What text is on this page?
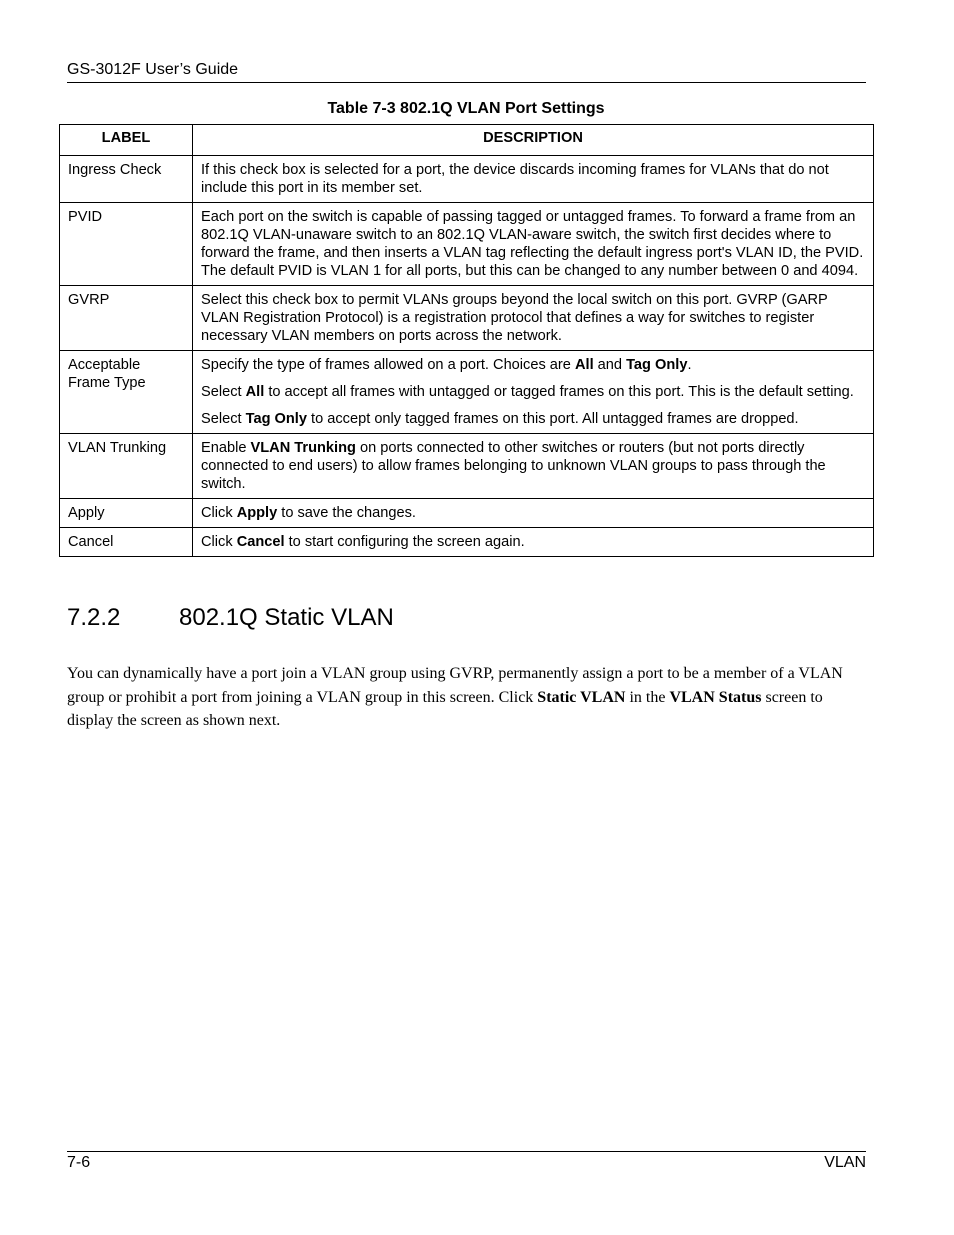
GS-3012F User’s Guide
Table 7-3 802.1Q VLAN Port Settings
LABEL	DESCRIPTION
Ingress Check	If this check box is selected for a port, the device discards incoming frames for VLANs that do not include this port in its member set.

PVID	Each port on the switch is capable of passing tagged or untagged frames. To forward a frame from an 802.1Q VLAN-unaware switch to an 802.1Q VLAN-aware switch, the switch first decides where to forward the frame, and then inserts a VLAN tag reflecting the default ingress port's VLAN ID, the PVID. The default PVID is VLAN 1 for all ports, but this can be changed to any number between 0 and 4094.

GVRP	Select this check box to permit VLANs groups beyond the local switch on this port. GVRP (GARP VLAN Registration Protocol) is a registration protocol that defines a way for switches to register necessary VLAN members on ports across the network.

Acceptable Frame Type	Specify the type of frames allowed on a port. Choices are All and Tag Only.

Select All to accept all frames with untagged or tagged frames on this port. This is the default setting.

Select Tag Only to accept only tagged frames on this port. All untagged frames are dropped.

VLAN Trunking	Enable VLAN Trunking on ports connected to other switches or routers (but not ports directly connected to end users) to allow frames belonging to unknown VLAN groups to pass through the switch.

Apply	Click Apply to save the changes.

Cancel	Click Cancel to start configuring the screen again.

7.2.2 802.1Q Static VLAN

You can dynamically have a port join a VLAN group using GVRP, permanently assign a port to be a member of a VLAN group or prohibit a port from joining a VLAN group in this screen. Click Static VLAN in the VLAN Status screen to display the screen as shown next.

7-6	VLAN
